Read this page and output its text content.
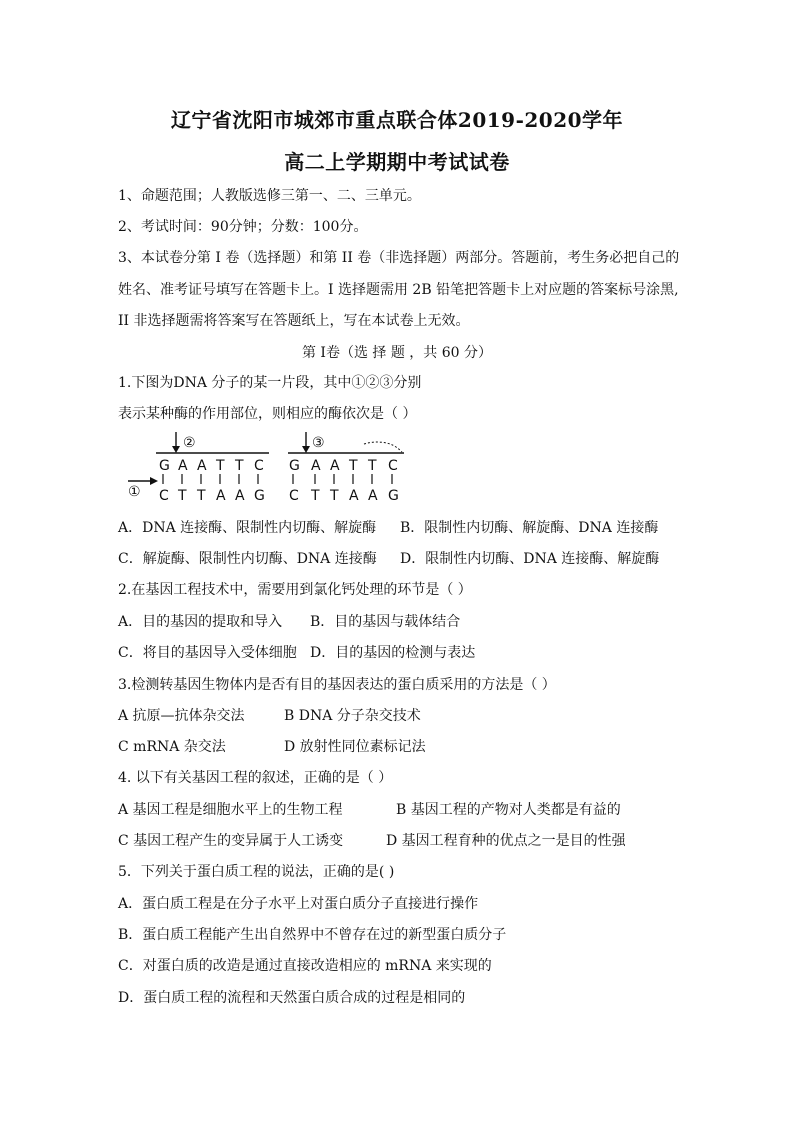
辽宁省沈阳市城郊市重点联合体2019-2020学年
高二上学期期中考试试卷
1、命题范围；人教版选修三第一、二、三单元。
2、考试时间：90分钟；分数：100分。
3、本试卷分第 I 卷（选择题）和第 II 卷（非选择题）两部分。答题前，考生务必把自己的
姓名、准考证号填写在答题卡上。I 选择题需用 2B 铅笔把答题卡上对应题的答案标号涂黑,
II 非选择题需将答案写在答题纸上，写在本试卷上无效。
第 I卷（选 择 题 ，共 60 分）
1.下图为DNA 分子的某一片段，其中①②③分别
表示某种酶的作用部位，则相应的酶依次是（ ）
②	③
G A A T T C
C T T A A G
G A A T T C
C T T A A G
①
A．DNA 连接酶、限制性内切酶、解旋酶 B．限制性内切酶、解旋酶、DNA 连接酶
C．解旋酶、限制性内切酶、DNA 连接酶 D．限制性内切酶、DNA 连接酶、解旋酶
2.在基因工程技术中，需要用到氯化钙处理的环节是（ ）
A．目的基因的提取和导入 B．目的基因与载体结合
C．将目的基因导入受体细胞 D．目的基因的检测与表达
3.检测转基因生物体内是否有目的基因表达的蛋白质采用的方法是（ ）
A 抗原—抗体杂交法	B DNA 分子杂交技术
C mRNA 杂交法	D 放射性同位素标记法
4. 以下有关基因工程的叙述，正确的是（ ）
A 基因工程是细胞水平上的生物工程	B 基因工程的产物对人类都是有益的
C 基因工程产生的变异属于人工诱变	D 基因工程育种的优点之一是目的性强
5．下列关于蛋白质工程的说法，正确的是( )
A．蛋白质工程是在分子水平上对蛋白质分子直接进行操作
B．蛋白质工程能产生出自然界中不曾存在过的新型蛋白质分子
C．对蛋白质的改造是通过直接改造相应的 mRNA 来实现的
D．蛋白质工程的流程和天然蛋白质合成的过程是相同的
